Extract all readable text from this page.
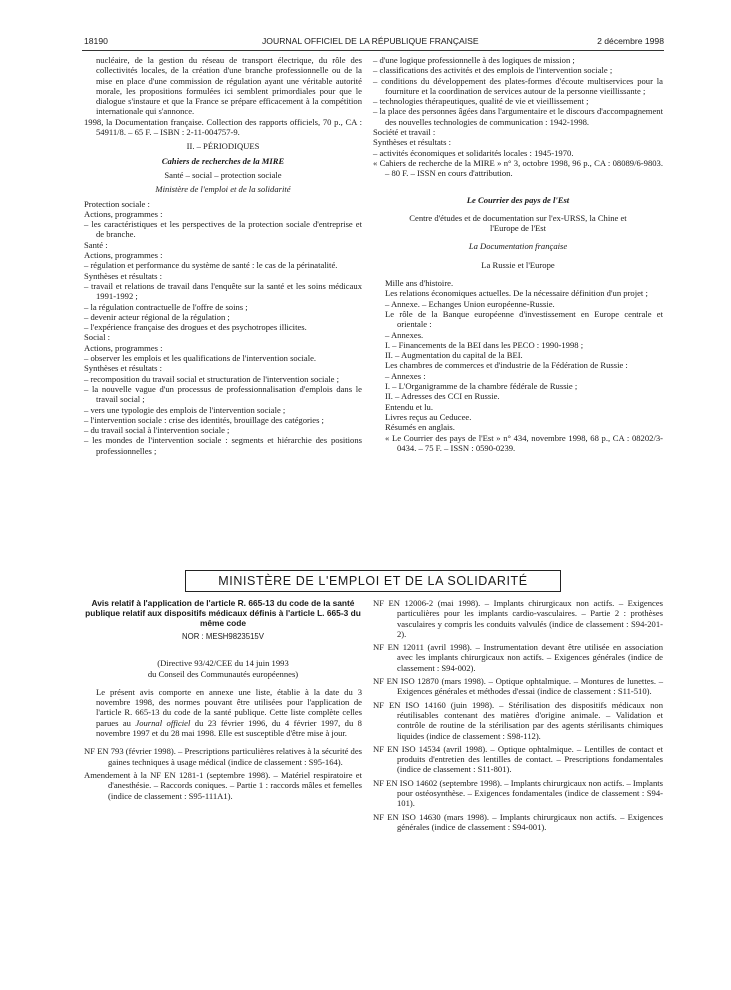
18190	JOURNAL OFFICIEL DE LA RÉPUBLIQUE FRANÇAISE	2 décembre 1998

nucléaire, de la gestion du réseau de transport électrique, du rôle des collectivités locales, de la création d'une branche professionnelle ou de la mise en place d'une commission de régulation ayant une véritable autorité morale, les propositions formulées ici semblent primordiales pour que le dialogue s'instaure et que la France se prépare efficacement à la compétition internationale qui s'annonce.

1998, la Documentation française. Collection des rapports officiels, 70 p., CA : 54911/8. – 65 F. – ISBN : 2-11-004757-9.

II. – PÉRIODIQUES

Cahiers de recherches de la MIRE

Santé – social – protection sociale

Ministère de l'emploi et de la solidarité

Protection sociale :

Actions, programmes :

– les caractéristiques et les perspectives de la protection sociale d'entreprise et de branche.

Santé :

Actions, programmes :

– régulation et performance du système de santé : le cas de la périnatalité.

Synthèses et résultats :

– travail et relations de travail dans l'enquête sur la santé et les soins médicaux 1991-1992 ;

– la régulation contractuelle de l'offre de soins ;

– devenir acteur régional de la régulation ;

– l'expérience française des drogues et des psychotropes illicites.

Social :

Actions, programmes :

– observer les emplois et les qualifications de l'intervention sociale.

Synthèses et résultats :

– recomposition du travail social et structuration de l'intervention sociale ;

– la nouvelle vague d'un processus de professionnalisation d'emplois dans le travail social ;

– vers une typologie des emplois de l'intervention sociale ;

– l'intervention sociale : crise des identités, brouillage des catégories ;

– du travail social à l'intervention sociale ;

– les mondes de l'intervention sociale : segments et hiérarchie des positions professionnelles ;

– d'une logique professionnelle à des logiques de mission ;

– classifications des activités et des emplois de l'intervention sociale ;

– conditions du développement des plates-formes d'écoute multiservices pour la fourniture et la coordination de services autour de la personne vieillissante ;

– technologies thérapeutiques, qualité de vie et vieillissement ;

– la place des personnes âgées dans l'argumentaire et le discours d'accompagnement des nouvelles technologies de communication : 1942-1998.

Société et travail :

Synthèses et résultats :

– activités économiques et solidarités locales : 1945-1970.

« Cahiers de recherche de la MIRE » n° 3, octobre 1998, 96 p., CA : 08089/6-9803. – 80 F. – ISSN en cours d'attribution.

Le Courrier des pays de l'Est

Centre d'études et de documentation sur l'ex-URSS, la Chine et l'Europe de l'Est

La Documentation française

La Russie et l'Europe

Mille ans d'histoire.

Les relations économiques actuelles. De la nécessaire définition d'un projet ;

– Annexe. – Echanges Union européenne-Russie.

Le rôle de la Banque européenne d'investissement en Europe centrale et orientale :

– Annexes.

I. – Financements de la BEI dans les PECO : 1990-1998 ;

II. – Augmentation du capital de la BEI.

Les chambres de commerces et d'industrie de la Fédération de Russie :

– Annexes :

I. – L'Organigramme de la chambre fédérale de Russie ;

II. – Adresses des CCI en Russie.

Entendu et lu.

Livres reçus au Ceducee.

Résumés en anglais.

« Le Courrier des pays de l'Est » n° 434, novembre 1998, 68 p., CA : 08202/3-0434. – 75 F. – ISSN : 0590-0239.

MINISTÈRE DE L'EMPLOI ET DE LA SOLIDARITÉ

Avis relatif à l'application de l'article R. 665-13 du code de la santé publique relatif aux dispositifs médicaux définis à l'article L. 665-3 du même code

NOR : MESH9823515V

(Directive 93/42/CEE du 14 juin 1993

du Conseil des Communautés européennes)

Le présent avis comporte en annexe une liste, établie à la date du 3 novembre 1998, des normes pouvant être utilisées pour l'application de l'article R. 665-13 du code de la santé publique. Cette liste complète celles parues au Journal officiel du 23 février 1996, du 4 février 1997, du 8 novembre 1997 et du 28 mai 1998. Elle est susceptible d'être mise à jour.

NF EN 793 (février 1998). – Prescriptions particulières relatives à la sécurité des gaines techniques à usage médical (indice de classement : S95-164).

Amendement à la NF EN 1281-1 (septembre 1998). – Matériel respiratoire et d'anesthésie. – Raccords coniques. – Partie 1 : raccords mâles et femelles (indice de classement : S95-111A1).

NF EN 12006-2 (mai 1998). – Implants chirurgicaux non actifs. – Exigences particulières pour les implants cardio-vasculaires. – Partie 2 : prothèses vasculaires y compris les conduits valvulés (indice de classement : S94-201-2).

NF EN 12011 (avril 1998). – Instrumentation devant être utilisée en association avec les implants chirurgicaux non actifs. – Exigences générales (indice de classement : S94-002).

NF EN ISO 12870 (mars 1998). – Optique ophtalmique. – Montures de lunettes. – Exigences générales et méthodes d'essai (indice de classement : S11-510).

NF EN ISO 14160 (juin 1998). – Stérilisation des dispositifs médicaux non réutilisables contenant des matières d'origine animale. – Validation et contrôle de routine de la stérilisation par des agents stérilisants chimiques liquides (indice de classement : S98-112).

NF EN ISO 14534 (avril 1998). – Optique ophtalmique. – Lentilles de contact et produits d'entretien des lentilles de contact. – Prescriptions fondamentales (indice de classement : S11-801).

NF EN ISO 14602 (septembre 1998). – Implants chirurgicaux non actifs. – Implants pour ostéosynthèse. – Exigences fondamentales (indice de classement : S94-101).

NF EN ISO 14630 (mars 1998). – Implants chirurgicaux non actifs. – Exigences générales (indice de classement : S94-001).
